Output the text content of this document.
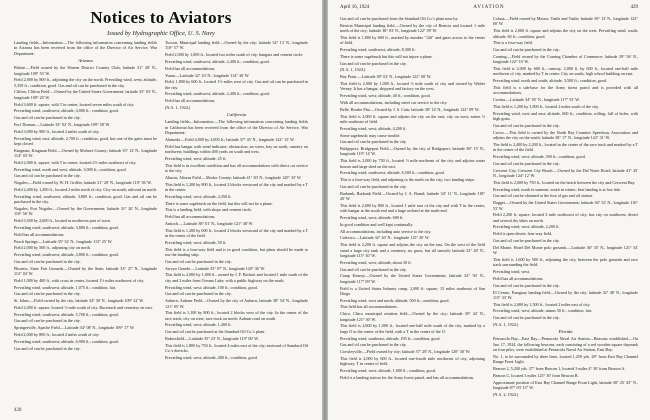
Notices to Aviators

Issued by Hydrographic Office, U. S. Navy

Landing fields—Information.—The following information concerning landing fields in Arizona has been received from the office of the Director of Air Service, War Department:

Arizona

Bisbee.—Field owned by the Warren District Country Club; latitude 31° 28' N., longitude 109° 53' W.

Field 2,000 by 800 ft., adjoining the city on the north. Prevailing wind, west; altitude, 5,350 ft.; condition, good. Gas and oil can be purchased in the city.

Clifton, Clifton Field.—Owned by the United States Government; latitude 33° 03' N., longitude 109° 20' W.

Field 3,600 ft. square, with T in center, located seven miles south of city.

Prevailing wind, southwest; altitude, 4,000 ft.; condition, good.

Gas and oil can be purchased in the city.

Fort Thomas.—Latitude 33° 02' N., longitude 109° 58' W.

Field 3,000 by 900 ft., located 2 miles south of city.

Prevailing wind, east; altitude, 2,700 ft.; condition, good, but one of the gates must be kept closed.

Kingman, Kingman Field.—Owned by Mohave County; latitude 35° 12' N., longitude 114° 03' W.

Field 2,000 ft. square, with T in center, located 2½ miles northeast of city.

Prevailing wind, north and west; altitude, 3,000 ft.; condition, good.

Gas and oil can be purchased in the city.

Nogales.—Field owned by W. H. Griffin; latitude 31° 20' N., longitude 110° 56' W.

Field 2,400 by 1,200 ft., located 2 miles north of city. City on south; railroad on north.

Prevailing wind, southwest; altitude, 3,800 ft.; condition, good. Gas and oil can be purchased in the city.

Nogales, Fort Nogales.—Owned by the Government; latitude 31° 20' N., longitude 110° 56' W.

Field 3,500 by 2,600 ft., located in northwest part of town.

Prevailing wind, southwest; altitude, 3,800 ft.; condition, good.

Field has all accommodations.

Peach Springs.—Latitude 35° 32' N., longitude 113° 25' W.

Field 2,000 by 500 ft., adjoining city on north.

Prevailing wind, southwest; altitude, 4,800 ft.; condition, good.

Gas and oil can be purchased in the city.

Phoenix, State Fair Grounds.—Owned by the State; latitude 33° 27' N., longitude 112° 04' W.

Field 1,000 by 400 ft., with cross in center, located 1½ miles northwest of city.

Prevailing wind, southwest; altitude, 1,075 ft.; condition, fair.

Gas and oil can be purchased in the city.

St. Johns.—Field owned by the city; latitude 34° 30' N., longitude 109° 22' W.

Field 2,000 ft. square, located ½ mile south of city. Racetrack and cemetery on east.

Prevailing wind, southwest; altitude, 5,700 ft.; condition, good.

Gas and oil can be purchased in the city.

Springerville, Apache Field.—Latitude 34° 08' N., longitude 109° 17' W.

Field 2,000 by 800 ft., located 2 miles south of city.

Prevailing wind, southwest; altitude, 6,900 ft.; condition, good.

Gas and oil can be purchased in the city.

Tucson, Municipal landing field.—Owned by the city; latitude 32° 13' N., longitude 110° 57' W.

Field 2,000 by 1,000 ft., located two miles south of city; hangars and cement circle.

Prevailing wind, southwest; altitude, 2,400 ft.; condition, good.

Field has all accommodations.

Yuma.—Latitude 32° 43' N., longitude 114° 36' W.

Field, 1,800 by 600 ft., located 1½ miles west of city. Gas and oil can be purchased in the city.

Prevailing wind, southwest; altitude, 2,400 ft.; condition, good.

Field has all accommodations.

(N.A. 1, 1924.)

California

Landing fields—Information.—The following information concerning landing fields in California has been received from the office of the Director of Air Service, War Department:

Alameda.—Field 4,000 by 2,000 ft.; latitude 37° 45' N., longitude 122° 15' W.

Field has hangar with wind indicator; obstruction, no wires, bay on north, cannery on northwest; buildings within 400 yards on south and west.

Prevailing wind, west; altitude, 25 ft.

This field is in excellent condition and has all accommodations with direct car service to the city.

Alturas, Alturas Field.—Modoc County; latitude 41° 30' N., longitude 120° 33' W.

This field is 1,200 by 800 ft., located 2 blocks westward of the city and marked by a T in the center.

Prevailing wind, west; altitude, 4,350 ft.

There is some sagebrush on the field, but this will not be a plane.

This is a landing field, with shops and cement circle.

Field has all accommodations.

Antioch.—Latitude 38° 01' N., longitude 121° 48' W.

This field is 1,200 by 600 ft., located 2 blocks westward of the city and marked by a T in the center of the field.

Prevailing wind, west; altitude, 50 ft.

This field is a four-way field and is in good condition, but plans should be made to use the landing strip.

Gas and oil can be purchased in the city.

Arroyo Grande.—Latitude 35° 07' N., longitude 120° 36' W.

This field is 2,000 by 1,000 ft., owned by J. F. Beckett and located 1 mile south of the city and 3 miles from Oceano Lake, with a public highway on the north.

Prevailing wind, west; altitude, 100 ft.; condition, good.

Gas and oil can be purchased in the city.

Auburn, Auburn Field.—Owned by the city of Auburn; latitude 38° 54' N., longitude 121° 05' W.

This field is 1,100 by 800 ft., located 2 blocks west of the city. In the center of the race track; city on west; race track on north; Auburn road on south.

Prevailing wind, west; altitude, 1,400 ft.

Gas and oil can be purchased at the Standard Oil Co.'s plant.

Bakersfield.—Latitude 35° 23' N., longitude 119° 00' W.

This field is 1,800 by 750 ft., located 4 miles east of the city, eastward of Standard Oil Co.'s derricks.

Prevailing wind, west; altitude, 400 ft.; condition, good.

428
April 16, 1924	AVIATION	429

Gas and oil can be purchased from the Standard Oil Co.'s plant near by.

Benicia Municipal landing field.—Owned by the city of Benicia and located 1 mile north of the city; latitude 38° 03' N., longitude 122° 09' W.

This field is 1,800 by 600 ft., marked by number "126" and gates across to the center of field.

Prevailing wind, southwest; altitude, 8,300 ft.

There is some sagebrush but this will not injure a plane.

Gas and oil can be purchased in the city.

(N.A. 1, 1924.)

Bay Point.—Latitude 38° 02' N., longitude 122° 00' W.

This field is 2,000 by 1,000 ft., located ½ mile south of city and owned by Walter Verney. It has a hangar, shipyard and factory on the west.

Prevailing wind, west; altitude, 40 ft.; condition, good.

With all accommodations, including street car service to the city.

Belle, Border Flat.—Owned by J. S. Cain; latitude 38° 14' N., longitude 122° 09' W.

This field is 2,000 ft. square and adjoins the city on the east; city on west; mines ½ mile southeast of field.

Prevailing wind, west; altitude, 4,200 ft.

Some sagebrush; may cause trouble.

Gas and oil can be purchased in the city.

Bridgeport, Bridgeport Field.—Owned by the city of Bridgeport; latitude 38° 15' N., longitude 119° 14' W.

This field is 2,000 by 750 ft., located ½ mile northeast of the city and adjoins water houses and large shed on the east.

Prevailing wind, southwest; altitude, 6,500 ft.; condition, good.

This is a four-way field, and adjoining to the north on the city; two landing strips.

Gas and oil can be purchased in the city.

Burbank, Burbank Field.—Owned by J. A. Brand; latitude 34° 11' N., longitude 118° 20' W.

This field is 2,000 by 800 ft., located 1 mile east of the city and with T in the center, with hangar at the south end and a large orchard at the north end.

Prevailing wind, west; altitude, 600 ft.

In good condition and well kept continually.

All accommodations, including auto service to the city.

Calexico.—Latitude 32° 40' N., longitude 115° 30' W.

This field is 2,200 ft. square and adjoins the city on the east. On the west of the field stand a large city tank and a cemetery, no grass, but all smooth; latitude 32° 40' N., longitude 115° 30' W.

Prevailing wind, west; altitude, about 30 ft.

Gas and oil can be purchased in the city.

Camp Kearny.—Owned by the United States Government; latitude 32° 50' N., longitude 117° 09' W.

Field is a United States Infantry camp, 2,000 ft. square, 15 miles northeast of San Diego.

Prevailing wind, west and north; altitude, 500 ft.; condition, good.

This field has all accommodations.

Chico, Chico municipal aviation field.—Owned by the city; latitude 39° 42' N., longitude 121° 50' W.

This field is 2,000 by 1,000 ft., located one-half mile south of the city, marked by a large O in the center of the field, with a T in the center of the O.

Prevailing wind, southeast; altitude, 195 ft.; condition, good.

Gas and oil can be purchased in the city.

Crowleyville.—Field owned by city; latitude 37° 28' N., longitude 120° 30' W.

This field is 2,000 by 600 ft., located one-fourth mile northwest of city, adjoining highway; T in center of field.

Prevailing wind, west; altitude, 1,000 ft.; condition, good.

Field is a landing station for the Army forest patrol, and has all accommodations.

Colusa.—Field owned by Messrs. Tuttle and Tuttle; latitude 39° 13' N., longitude 122° 00' W.

This field is 2,000 ft. square and adjoins the city on the west. Prevailing wind, south; altitude, 60 ft.; condition, good.

This is a four-way field.

Gas and oil can be purchased in the city.

Corning.—Field owned by the Corning Chamber of Commerce; latitude 39° 56' N., longitude 122° 10' W.

This field is 2,000 by 600 ft.; runway, 2,000 ft. by 600 ft., located one-half mile northwest of city, marked by T in center. City on south; high school building on east.

Prevailing wind, north and south; altitude, 3,500 ft.; condition, good.

This field is a sub-base for the Army forest patrol and is provided with all accommodations.

Covina.—Latitude 34° 05' N., longitude 117° 53' W.

This field is 1,200 by 1,800 ft., located 2 miles south of the city.

Prevailing wind, west and east; altitude, 600 ft.; condition, rolling, full of holes, with high grass.

Gas and oil can be purchased in the city.

Crows.—This field is owned by the North Bay Counties Speedway Association and adjoins the city on the south; latitude 38° 17' N., longitude 122° 31' W.

The field is 2,400 by 2,200 ft., located in the center of the race track and marked by a T in the center of the field.

Prevailing wind, west; altitude, 500 ft.; condition, good.

Gas and oil can be purchased in the city.

Crescent City, Crescent City Beach.—Owned by the Del Norte Hotel; latitude 41° 45' N., longitude 124° 12' W.

This field is 2,000 by 750 ft., located on the beach between the city and Crescent Bay.

Prevailing wind, north in summer, south in winter; best landing is at low tide.

Gas and oil can be obtained at the foot of gas and oil station.

Dagget.—Owned by the United States Government; latitude 34° 52' N., longitude 116° 53' W.

Field 2,200 ft. square, located 3 mile northwest of city; has city on southwest, desert and several dry lakes on north.

Prevailing wind, west; altitude, 2,200 ft.

Field is open desert; four-way field.

Gas and oil can be purchased in the city.

Del Monte, Hotel Del Monte polo grounds.—Latitude 36° 35' N., longitude 121° 54' W.

This field is 1,600 by 500 ft., adjoining the city, between the polo grounds and race track surrounding the field.

Prevailing wind, west.

Field has all accommodations.

Gas and oil can be purchased in the city.

El Centro, Paraguay landing field.—Owned by the city; latitude 32° 48' N., longitude 115° 33' W.

This field is 2,000 by 1,500 ft., located 2 miles east of city.

Prevailing wind, west; altitude, minus 50 ft.; condition, fair.

Gas and oil can be purchased in the city.

(N.A. 1, 1924.)

Florida

Pensacola Bay—East Bay—Pensacola Naval Air Station—Beacons established.—On Jan. 17, 1924, the following beacons, each consisting of a red wooden square daymark on four piles, were established at Pensacola Naval Air Station, East Bay:

No. 1, to be surrounded by three lines, located 1,250 yds. 28° from East Bay Channel Range Front Light.

Beacon 2, 5,200 yds. 37° from Beacon 1, located 3 miles 4° 30' from Beacon A.

Beacon C, located 3 miles 125° 30' from Beacon B.

Approximate position of East Bay Channel Range Front Light, latitude 30° 25' 43" N., longitude 87° 03' 13" W.

(N.A. 2, 1924.)
